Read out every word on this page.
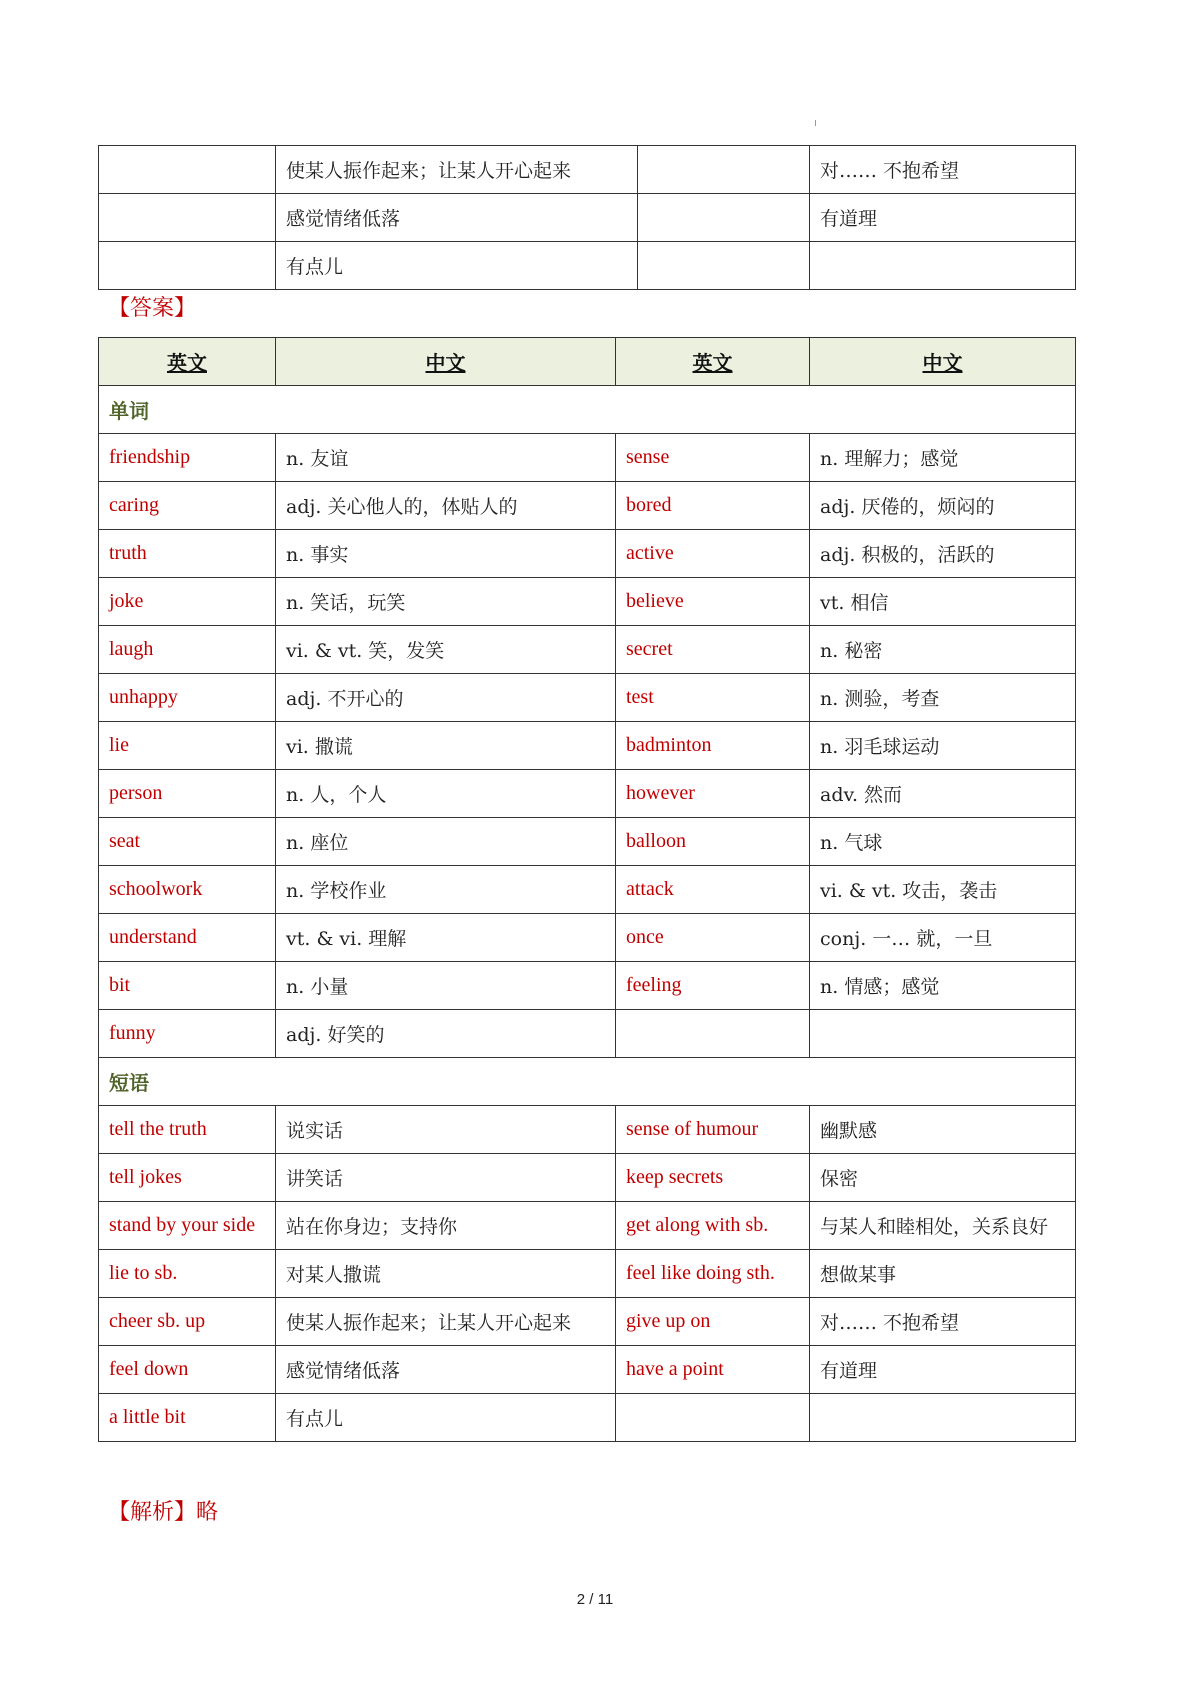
	使某人振作起来；让某人开心起来		对…… 不抱希望
	感觉情绪低落		有道理
	有点儿		
【答案】
英文	中文	英文	中文
单词			
friendship	n. 友谊	sense	n. 理解力；感觉
caring	adj. 关心他人的，体贴人的	bored	adj. 厌倦的，烦闷的
truth	n. 事实	active	adj. 积极的，活跃的
joke	n. 笑话，玩笑	believe	vt. 相信
laugh	vi. & vt. 笑，发笑	secret	n. 秘密
unhappy	adj. 不开心的	test	n. 测验，考查
lie	vi. 撒谎	badminton	n. 羽毛球运动
person	n. 人，个人	however	adv. 然而
seat	n. 座位	balloon	n. 气球
schoolwork	n. 学校作业	attack	vi. & vt. 攻击，袭击
understand	vt. & vi. 理解	once	conj. 一… 就，一旦
bit	n. 小量	feeling	n. 情感；感觉
funny	adj. 好笑的		
短语			
tell the truth	说实话	sense of humour	幽默感
tell jokes	讲笑话	keep secrets	保密
stand by your side	站在你身边；支持你	get along with sb.	与某人和睦相处，关系良好
lie to sb.	对某人撒谎	feel like doing sth.	想做某事
cheer sb. up	使某人振作起来；让某人开心起来	give up on	对…… 不抱希望
feel down	感觉情绪低落	have a point	有道理
a little bit	有点儿		
【解析】略
2 / 11
